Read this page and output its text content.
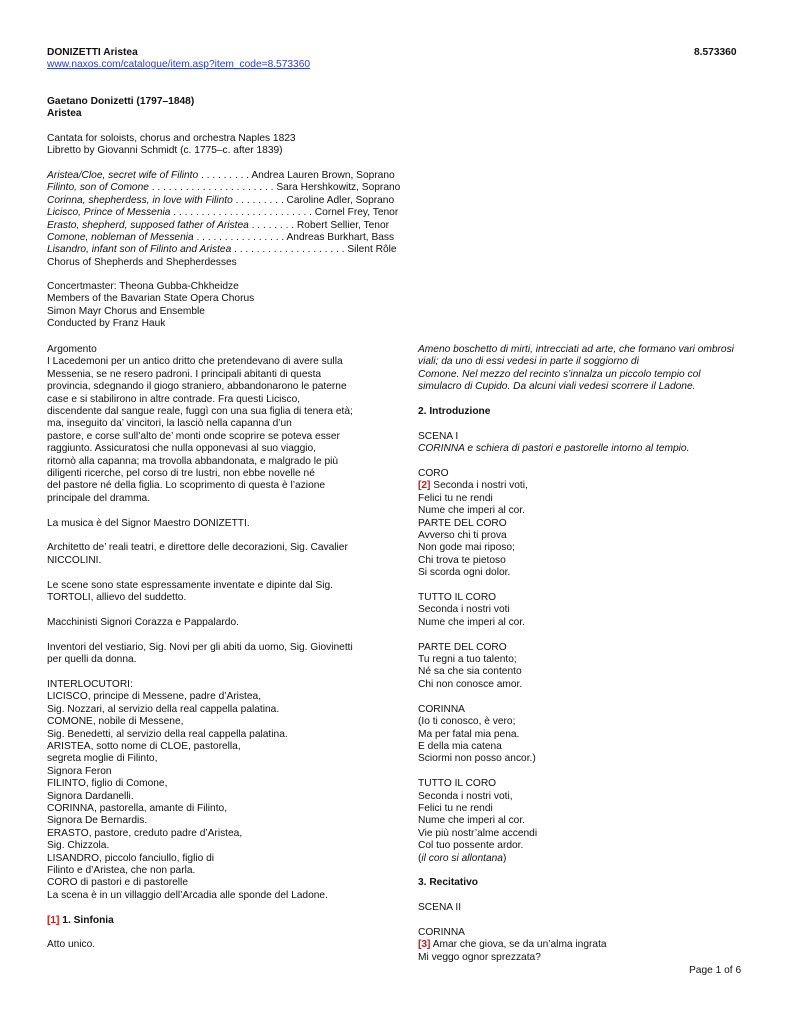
DONIZETTI Aristea	8.573360
www.naxos.com/catalogue/item.asp?item_code=8.573360
Gaetano Donizetti (1797–1848)
Aristea
Cantata for soloists, chorus and orchestra Naples 1823
Libretto by Giovanni Schmidt (c. 1775–c. after 1839)
Aristea/Cloe, secret wife of Filinto . . . . . . . . . Andrea Lauren Brown, Soprano
Filinto, son of Comone . . . . . . . . . . . . . . . . . . . . . . Sara Hershkowitz, Soprano
Corinna, shepherdess, in love with Filinto . . . . . . . . . Caroline Adler, Soprano
Licisco, Prince of Messenia . . . . . . . . . . . . . . . . . . . . . . . . . Cornel Frey, Tenor
Erasto, shepherd, supposed father of Aristea . . . . . . . . Robert Sellier, Tenor
Comone, nobleman of Messenia . . . . . . . . . . . . . . . . Andreas Burkhart, Bass
Lisandro, infant son of Filinto and Aristea . . . . . . . . . . . . . . . . . . . . Silent Rôle
Chorus of Shepherds and Shepherdesses
Concertmaster: Theona Gubba-Chkheidze
Members of the Bavarian State Opera Chorus
Simon Mayr Chorus and Ensemble
Conducted by Franz Hauk
Argomento
I Lacedemoni per un antico dritto che pretendevano di avere sulla
Messenia, se ne resero padroni. I principali abitanti di questa
provincia, sdegnando il giogo straniero, abbandonarono le paterne
case e si stabilirono in altre contrade. Fra questi Licisco,
discendente dal sangue reale, fuggì con una sua figlia di tenera età;
ma, inseguito da’ vincitori, la lasciò nella capanna d’un
pastore, e corse sull’alto de’ monti onde scoprire se poteva esser
raggiunto. Assicuratosi che nulla opponevasi al suo viaggio,
ritornò alla capanna; ma trovolla abbandonata, e malgrado le più
diligenti ricerche, pel corso di tre lustri, non ebbe novelle né
del pastore né della figlia. Lo scoprimento di questa è l’azione
principale del dramma.
La musica è del Signor Maestro DONIZETTI.
Architetto de’ reali teatri, e direttore delle decorazioni, Sig. Cavalier
NICCOLINI.
Le scene sono state espressamente inventate e dipinte dal Sig.
TORTOLI, allievo del suddetto.
Macchinisti Signori Corazza e Pappalardo.
Inventori del vestiario, Sig. Novi per gli abiti da uomo, Sig. Giovinetti
per quelli da donna.
INTERLOCUTORI:
LICISCO, principe di Messene, padre d’Aristea,
Sig. Nozzari, al servizio della real cappella palatina.
COMONE, nobile di Messene,
Sig. Benedetti, al servizio della real cappella palatina.
ARISTEA, sotto nome di CLOE, pastorella,
segreta moglie di Filinto,
Signora Feron
FILINTO, figlio di Comone,
Signora Dardanelli.
CORINNA, pastorella, amante di Filinto,
Signora De Bernardis.
ERASTO, pastore, creduto padre d’Aristea,
Sig. Chizzola.
LISANDRO, piccolo fanciullo, figlio di
Filinto e d’Aristea, che non parla.
CORO di pastori e di pastorelle
La scena è in un villaggio dell’Arcadia alle sponde del Ladone.
[1] 1. Sinfonia
Atto unico.
Ameno boschetto di mirti, intrecciati ad arte, che formano vari ombrosi
viali; da uno di essi vedesi in parte il soggiorno di
Comone. Nel mezzo del recinto s’innalza un piccolo tempio col
simulacro di Cupido. Da alcuni viali vedesi scorrere il Ladone.
2. Introduzione
SCENA I
CORINNA e schiera di pastori e pastorelle intorno al tempio.
CORO
[2] Seconda i nostri voti,
Felici tu ne rendi
Nume che imperi al cor.
PARTE DEL CORO
Avverso chi ti prova
Non gode mai riposo;
Chi trova te pietoso
Si scorda ogni dolor.
TUTTO IL CORO
Seconda i nostri voti
Nume che imperi al cor.
PARTE DEL CORO
Tu regni a tuo talento;
Né sa che sia contento
Chi non conosce amor.
CORINNA
(Io ti conosco, è vero;
Ma per fatal mia pena.
E della mia catena
Sciormi non posso ancor.)
TUTTO IL CORO
Seconda i nostri voti,
Felici tu ne rendi
Nume che imperi al cor.
Vie più nostr’alme accendi
Col tuo possente ardor.
(il coro si allontana)
3. Recitativo
SCENA II
CORINNA
[3] Amar che giova, se da un’alma ingrata
Mi veggo ognor sprezzata?
Page 1 of 6
